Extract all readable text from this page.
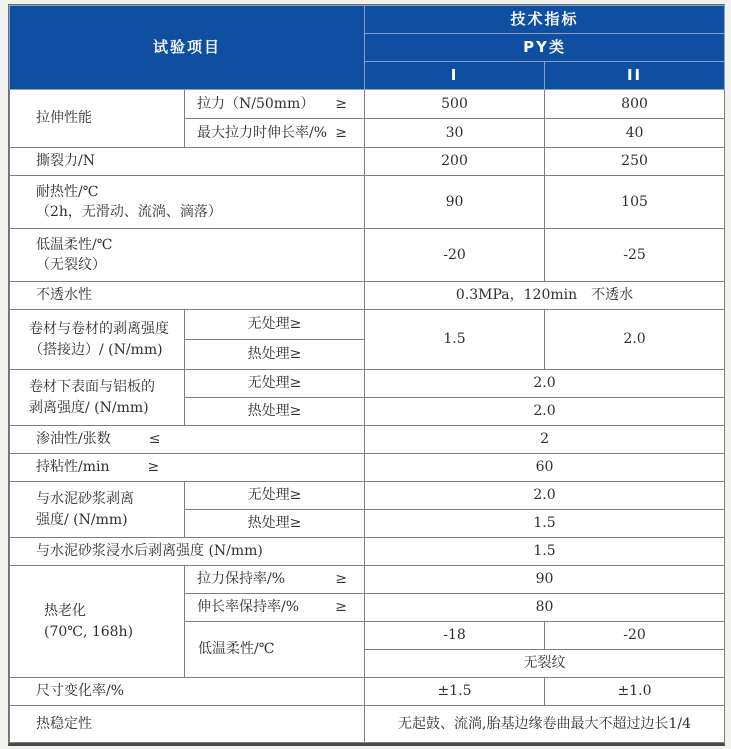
试验项目		技术指标	
		PY类	
		I	II
拉伸性能	拉力（N/50mm） ≥	500	800

	最大拉力时伸长率/% ≥	30	40
撕裂力/N		200	250

耐热性/℃
（2h，无滑动、流淌、滴落）		90	105

低温柔性/℃
（无裂纹）		-20	-25
不透水性		0.3MPa，120min　不透水	

卷材与卷材的剥离强度
（搭接边）/ (N/mm)	无处理≥	1.5	2.0
	热处理≥		

卷材下表面与铝板的
剥离强度/ (N/mm)	无处理≥	2.0	
	热处理≥	2.0	
渗油性/张数 ≤		2	
持粘性/min ≥		60	

与水泥砂浆剥离
强度/ (N/mm)	无处理≥	2.0	
	热处理≥	1.5	
与水泥砂浆浸水后剥离强度 (N/mm)		1.5	

热老化
(70℃, 168h)	拉力保持率/% ≥	90	

	伸长率保持率/% ≥	80	
	低温柔性/℃	-18	-20
		无裂纹	
尺寸变化率/%		±1.5	±1.0
热稳定性		无起鼓、流淌,胎基边缘卷曲最大不超过边长1/4	
